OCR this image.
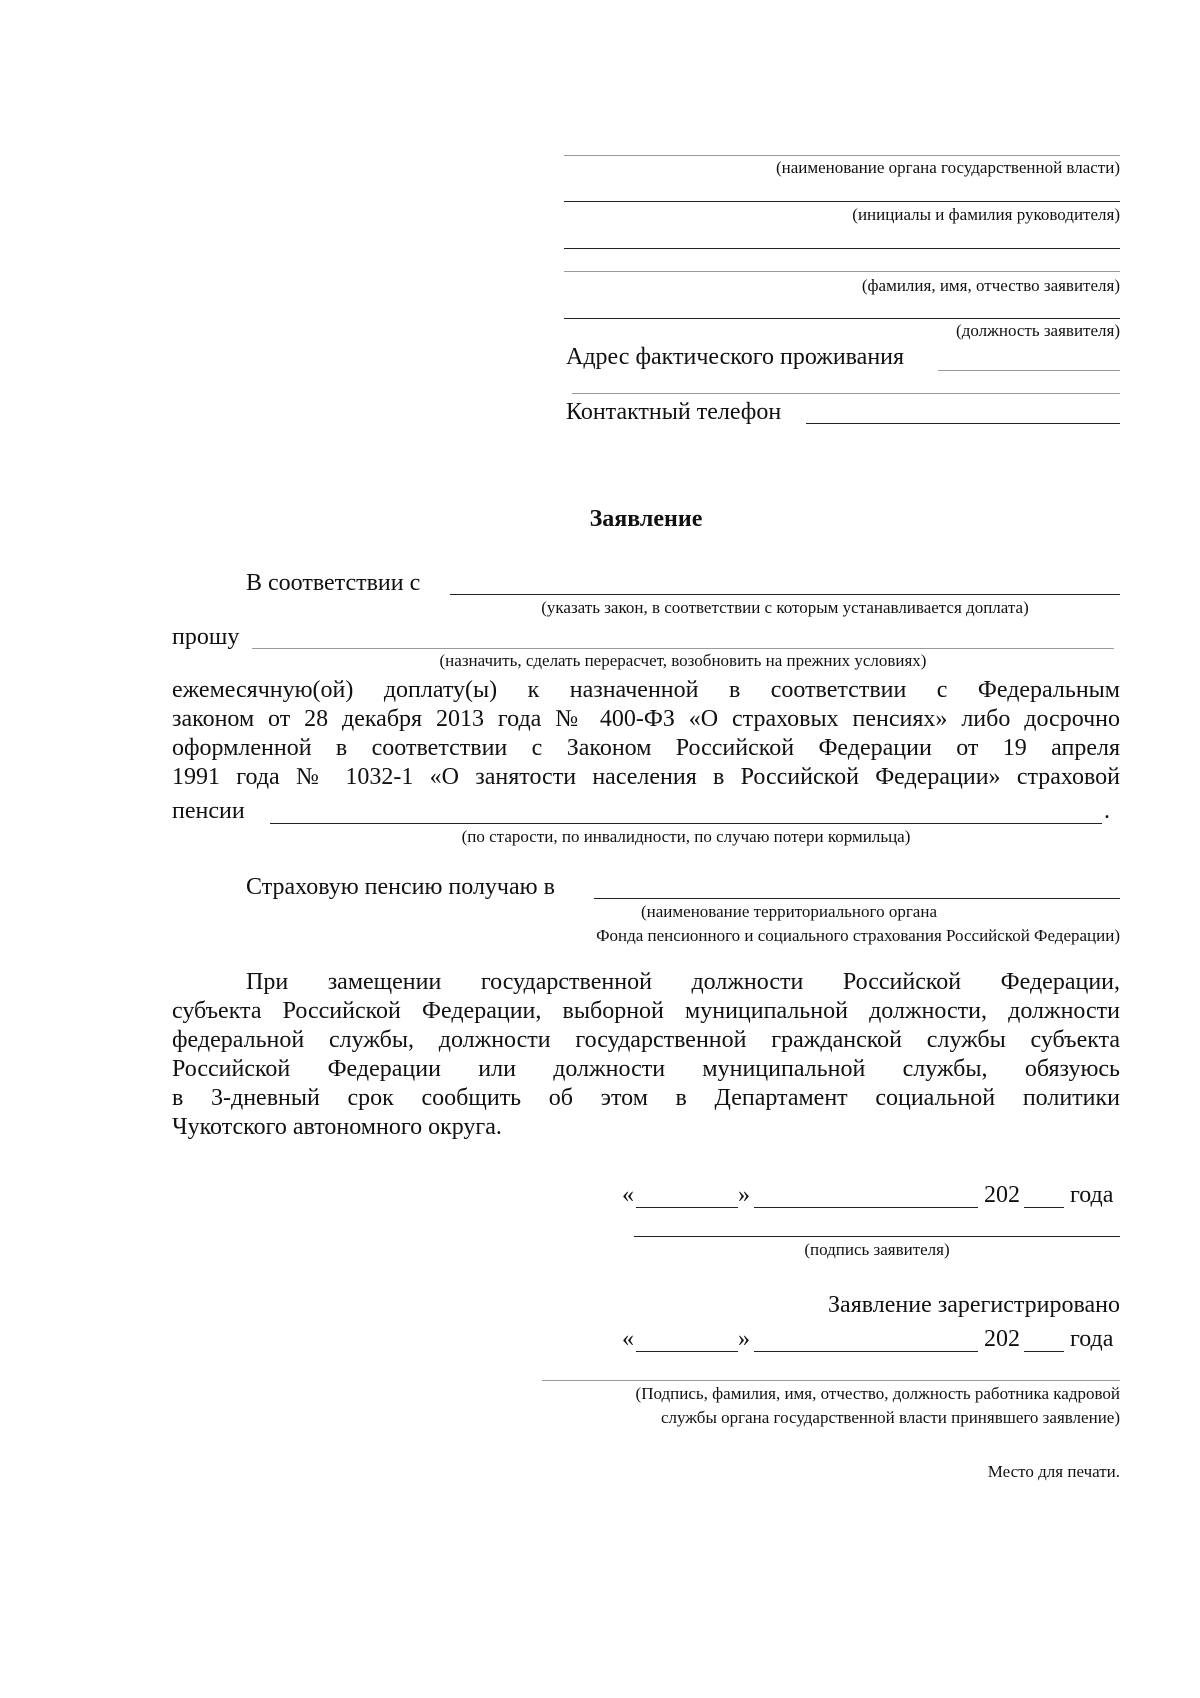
(наименование органа государственной власти)
(инициалы и фамилия руководителя)
(фамилия, имя, отчество заявителя)
(должность заявителя)
Адрес фактического проживания
Контактный телефон
Заявление
В соответствии с
(указать закон, в соответствии с которым устанавливается доплата)
прошу
(назначить, сделать перерасчет, возобновить на прежних условиях)
ежемесячную(ой) доплату(ы) к назначенной в соответствии с Федеральным
законом от 28 декабря 2013 года № 400-ФЗ «О страховых пенсиях» либо досрочно
оформленной в соответствии с Законом Российской Федерации от 19 апреля
1991 года № 1032-1 «О занятости населения в Российской Федерации» страховой
пенсии	.
(по старости, по инвалидности, по случаю потери кормильца)
Страховую пенсию получаю в
(наименование территориального органа
Фонда пенсионного и социального страхования Российской Федерации)
При замещении государственной должности Российской Федерации,
субъекта Российской Федерации, выборной муниципальной должности, должности
федеральной службы, должности государственной гражданской службы субъекта
Российской Федерации или должности муниципальной службы, обязуюсь
в 3-дневный срок сообщить об этом в Департамент социальной политики
Чукотского автономного округа.
«	»	202 года
(подпись заявителя)
Заявление зарегистрировано
«	»	202 года
(Подпись, фамилия, имя, отчество, должность работника кадровой
службы органа государственной власти принявшего заявление)
Место для печати.
